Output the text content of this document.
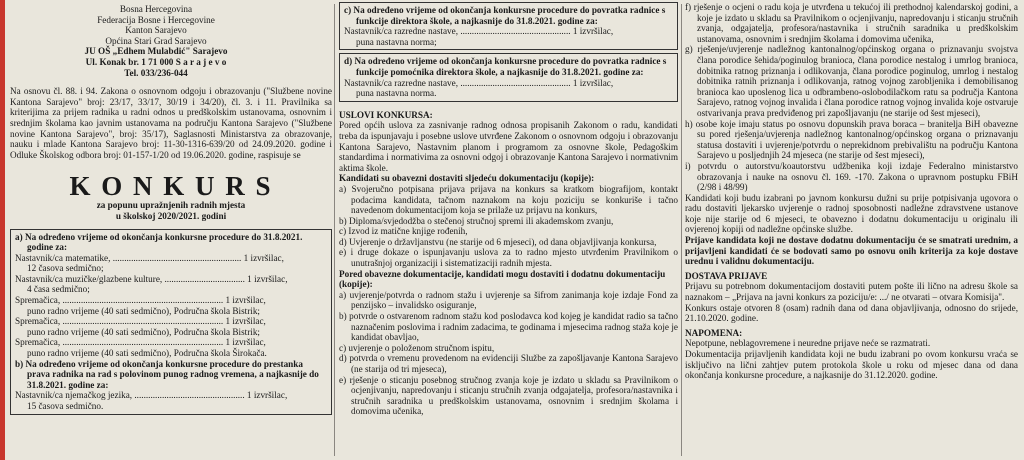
Bosna Hercegovina

Federacija Bosne i Hercegovine

Kanton Sarajevo

Općina Stari Grad Sarajevo

JU OŠ „Edhem Mulabdić" Sarajevo

Ul. Konak br. 1 71 000 S a r a j e v o

Tel. 033/236-044

Na osnovu čl. 88. i 94. Zakona o osnovnom odgoju i obrazovanju ("Službene novine Kantona Sarajevo" broj: 23/17, 33/17, 30/19 i 34/20), čl. 3. i 11. Pravilnika sa kriterijima za prijem radnika u radni odnos u predškolskim ustanovama, osnovnim i srednjim školama kao javnim ustanovama na području Kantona Sarajevo ("Službene novine Kantona Sarajevo", broj: 35/17), Saglasnosti Ministarstva za obrazovanje, nauku i mlade Kantona Sarajevo broj: 11-30-1316-639/20 od 24.09.2020. godine i Odluke Školskog odbora broj: 01-157-1/20 od 19.06.2020. godine, raspisuje se

K O N K U R S

za popunu upražnjenih radnih mjesta
u školskoj 2020/2021. godini

a) Na određeno vrijeme od okončanja konkursne procedure do 31.8.2021. godine za:

Nastavnik/ca matematike, ........................................................ 1 izvršilac,

12 časova sedmično;

Nastavnik/ca muzičke/glazbene kulture, ................................... 1 izvršilac,

4 časa sedmično;

Spremačica, ...................................................................... 1 izvršilac,

puno radno vrijeme (40 sati sedmično), Područna škola Bistrik;

Spremačica, ...................................................................... 1 izvršilac,

puno radno vrijeme (40 sati sedmično), Područna škola Bistrik;

Spremačica, ...................................................................... 1 izvršilac,

puno radno vrijeme (40 sati sedmično), Područna škola Širokača.

b) Na određeno vrijeme od okončanja konkursne procedure do prestanka prava radnika na rad s polovinom punog radnog vremena, a najkasnije do 31.8.2021. godine za:

Nastavnik/ca njemačkog jezika, ................................................ 1 izvršilac,

15 časova sedmično.

c) Na određeno vrijeme od okončanja konkursne procedure do povratka radnice s funkcije direktora škole, a najkasnije do 31.8.2021. godine za:

Nastavnik/ca razredne nastave, ................................................ 1 izvršilac,

puna nastavna norma;

d) Na određeno vrijeme od okončanja konkursne procedure do povratka radnice s funkcije pomoćnika direktora škole, a najkasnije do 31.8.2021. godine za:

Nastavnik/ca razredne nastave, ................................................ 1 izvršilac,

puna nastavna norma.

USLOVI KONKURSA:

Pored općih uslova za zasnivanje radnog odnosa propisanih Zakonom o radu, kandidati treba da ispunjavaju i posebne uslove utvrđene Zakonom o osnovnom odgoju i obrazovanju Kantona Sarajevo, Nastavnim planom i programom za osnovne škole, Pedagoškim standardima i normativima za osnovni odgoj i obrazovanje Kantona Sarajevo i normativnim aktima škole.

Kandidati su obavezni dostaviti sljedeću dokumentaciju (kopije):

a) Svojeručno potpisana prijava prijava na konkurs sa kratkom biografijom, kontakt podacima kandidata, tačnom naznakom na koju poziciju se konkuriše i tačno navedenom dokumentacijom koja se prilaže uz prijavu na konkurs,

b) Diploma/svjedodžba o stečenoj stručnoj spremi ili akademskom zvanju,

c) Izvod iz matične knjige rođenih,

d) Uvjerenje o državljanstvu (ne starije od 6 mjeseci), od dana objavljivanja konkursa,

e) i druge dokaze o ispunjavanju uslova za to radno mjesto utvrđenim Pravilnikom o unutrašnjoj organizaciji i sistematizaciji radnih mjesta.

Pored obavezne dokumentacije, kandidati mogu dostaviti i dodatnu dokumentaciju (kopije):

a) uvjerenje/potvrda o radnom stažu i uvjerenje sa šifrom zanimanja koje izdaje Fond za penzijsko – invalidsko osiguranje,

b) potvrde o ostvarenom radnom stažu kod poslodavca kod kojeg je kandidat radio sa tačno naznačenim poslovima i radnim zadacima, te godinama i mjesecima radnog staža koje je kandidat obavljao,

c) uvjerenje o položenom stručnom ispitu,

d) potvrda o vremenu provedenom na evidenciji Službe za zapošljavanje Kantona Sarajevo (ne starija od tri mjeseca),

e) rješenje o sticanju posebnog stručnog zvanja koje je izdato u skladu sa Pravilnikom o ocjenjivanju, napredovanju i sticanju stručnih zvanja odgajatelja, profesora/nastavnika i stručnih saradnika u predškolskim ustanovama, osnovnim i srednjim školama i domovima učenika,

f) rješenje o ocjeni o radu koja je utvrđena u tekućoj ili prethodnoj kalendarskoj godini, a koje je izdato u skladu sa Pravilnikom o ocjenjivanju, napredovanju i sticanju stručnih zvanja, odgajatelja, profesora/nastavnika i stručnih saradnika u predškolskim ustanovama, osnovnim i srednjim školama i domovima učenika,

g) rješenje/uvjerenje nadležnog kantonalnog/općinskog organa o priznavanju svojstva člana porodice šehida/poginulog branioca, člana porodice nestalog i umrlog branioca, dobitnika ratnog priznanja i odlikovanja, člana porodice poginulog, umrlog i nestalog dobitnika ratnih priznanja i odlikovanja, ratnog vojnog zarobljenika i demobilisanog branioca kao uposlenog lica u odbrambeno-oslobodilačkom ratu sa područja Kantona Sarajevo, ratnog vojnog invalida i člana porodice ratnog vojnog invalida koje ostvaruje ostvarivanja prava predviđenog pri zapošljavanju (ne starije od šest mjeseci),

h) osobe koje imaju status po osnovu dopunskih prava boraca – branitelja BiH obavezne su pored rješenja/uvjerenja nadležnog kantonalnog/općinskog organa o priznavanju statusa dostaviti i uvjerenje/potvrdu o neprekidnom prebivalištu na području Kantona Sarajevo u posljednjih 24 mjeseca (ne starije od šest mjeseci),

i) potvrdu o autorstvu/koautorstvu udžbenika koji izdaje Federalno ministarstvo obrazovanja i nauke na osnovu čl. 169. -170. Zakona o upravnom postupku FBiH (2/98 i 48/99)

Kandidati koji budu izabrani po javnom konkursu dužni su prije potpisivanja ugovora o radu dostaviti ljekarsko uvjerenje o radnoj sposobnosti nadležne zdravstvene ustanove koje nije starije od 6 mjeseci, te obavezno i dodatnu dokumentaciju u originalu ili ovjerenoj kopiji od nadležne općinske službe.

Prijave kandidata koji ne dostave dodatnu dokumentaciju će se smatrati urednim, a prijavljeni kandidati će se bodovati samo po osnovu onih kriterija za koje dostave urednu i validnu dokumentaciju.

DOSTAVA PRIJAVE

Prijavu su potrebnom dokumentacijom dostaviti putem pošte ili lično na adresu škole sa naznakom – „Prijava na javni konkurs za poziciju/e: .../ ne otvarati – otvara Komisija".

Konkurs ostaje otvoren 8 (osam) radnih dana od dana objavljivanja, odnosno do srijede, 21.10.2020. godine.

NAPOMENA:

Nepotpune, neblagovremene i neuredne prijave neće se razmatrati.

Dokumentacija prijavljenih kandidata koji ne budu izabrani po ovom konkursu vraća se isključivo na lični zahtjev putem protokola škole u roku od mjesec dana od dana okončanja konkursne procedure, a najkasnije do 31.12.2020. godine.
